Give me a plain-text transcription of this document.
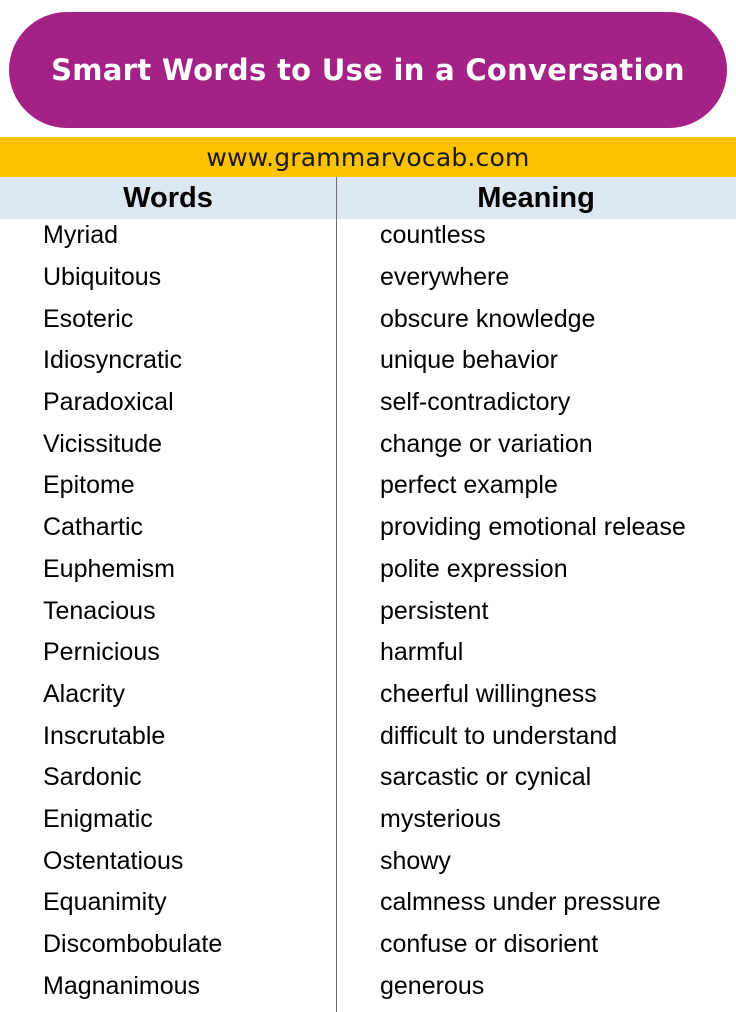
Smart Words to Use in a Conversation
www.grammarvocab.com
Words	Meaning
Myriad	countless
Ubiquitous	everywhere
Esoteric	obscure knowledge
Idiosyncratic	unique behavior
Paradoxical	self-contradictory
Vicissitude	change or variation
Epitome	perfect example
Cathartic	providing emotional release
Euphemism	polite expression
Tenacious	persistent
Pernicious	harmful
Alacrity	cheerful willingness
Inscrutable	difficult to understand
Sardonic	sarcastic or cynical
Enigmatic	mysterious
Ostentatious	showy
Equanimity	calmness under pressure
Discombobulate	confuse or disorient
Magnanimous	generous
